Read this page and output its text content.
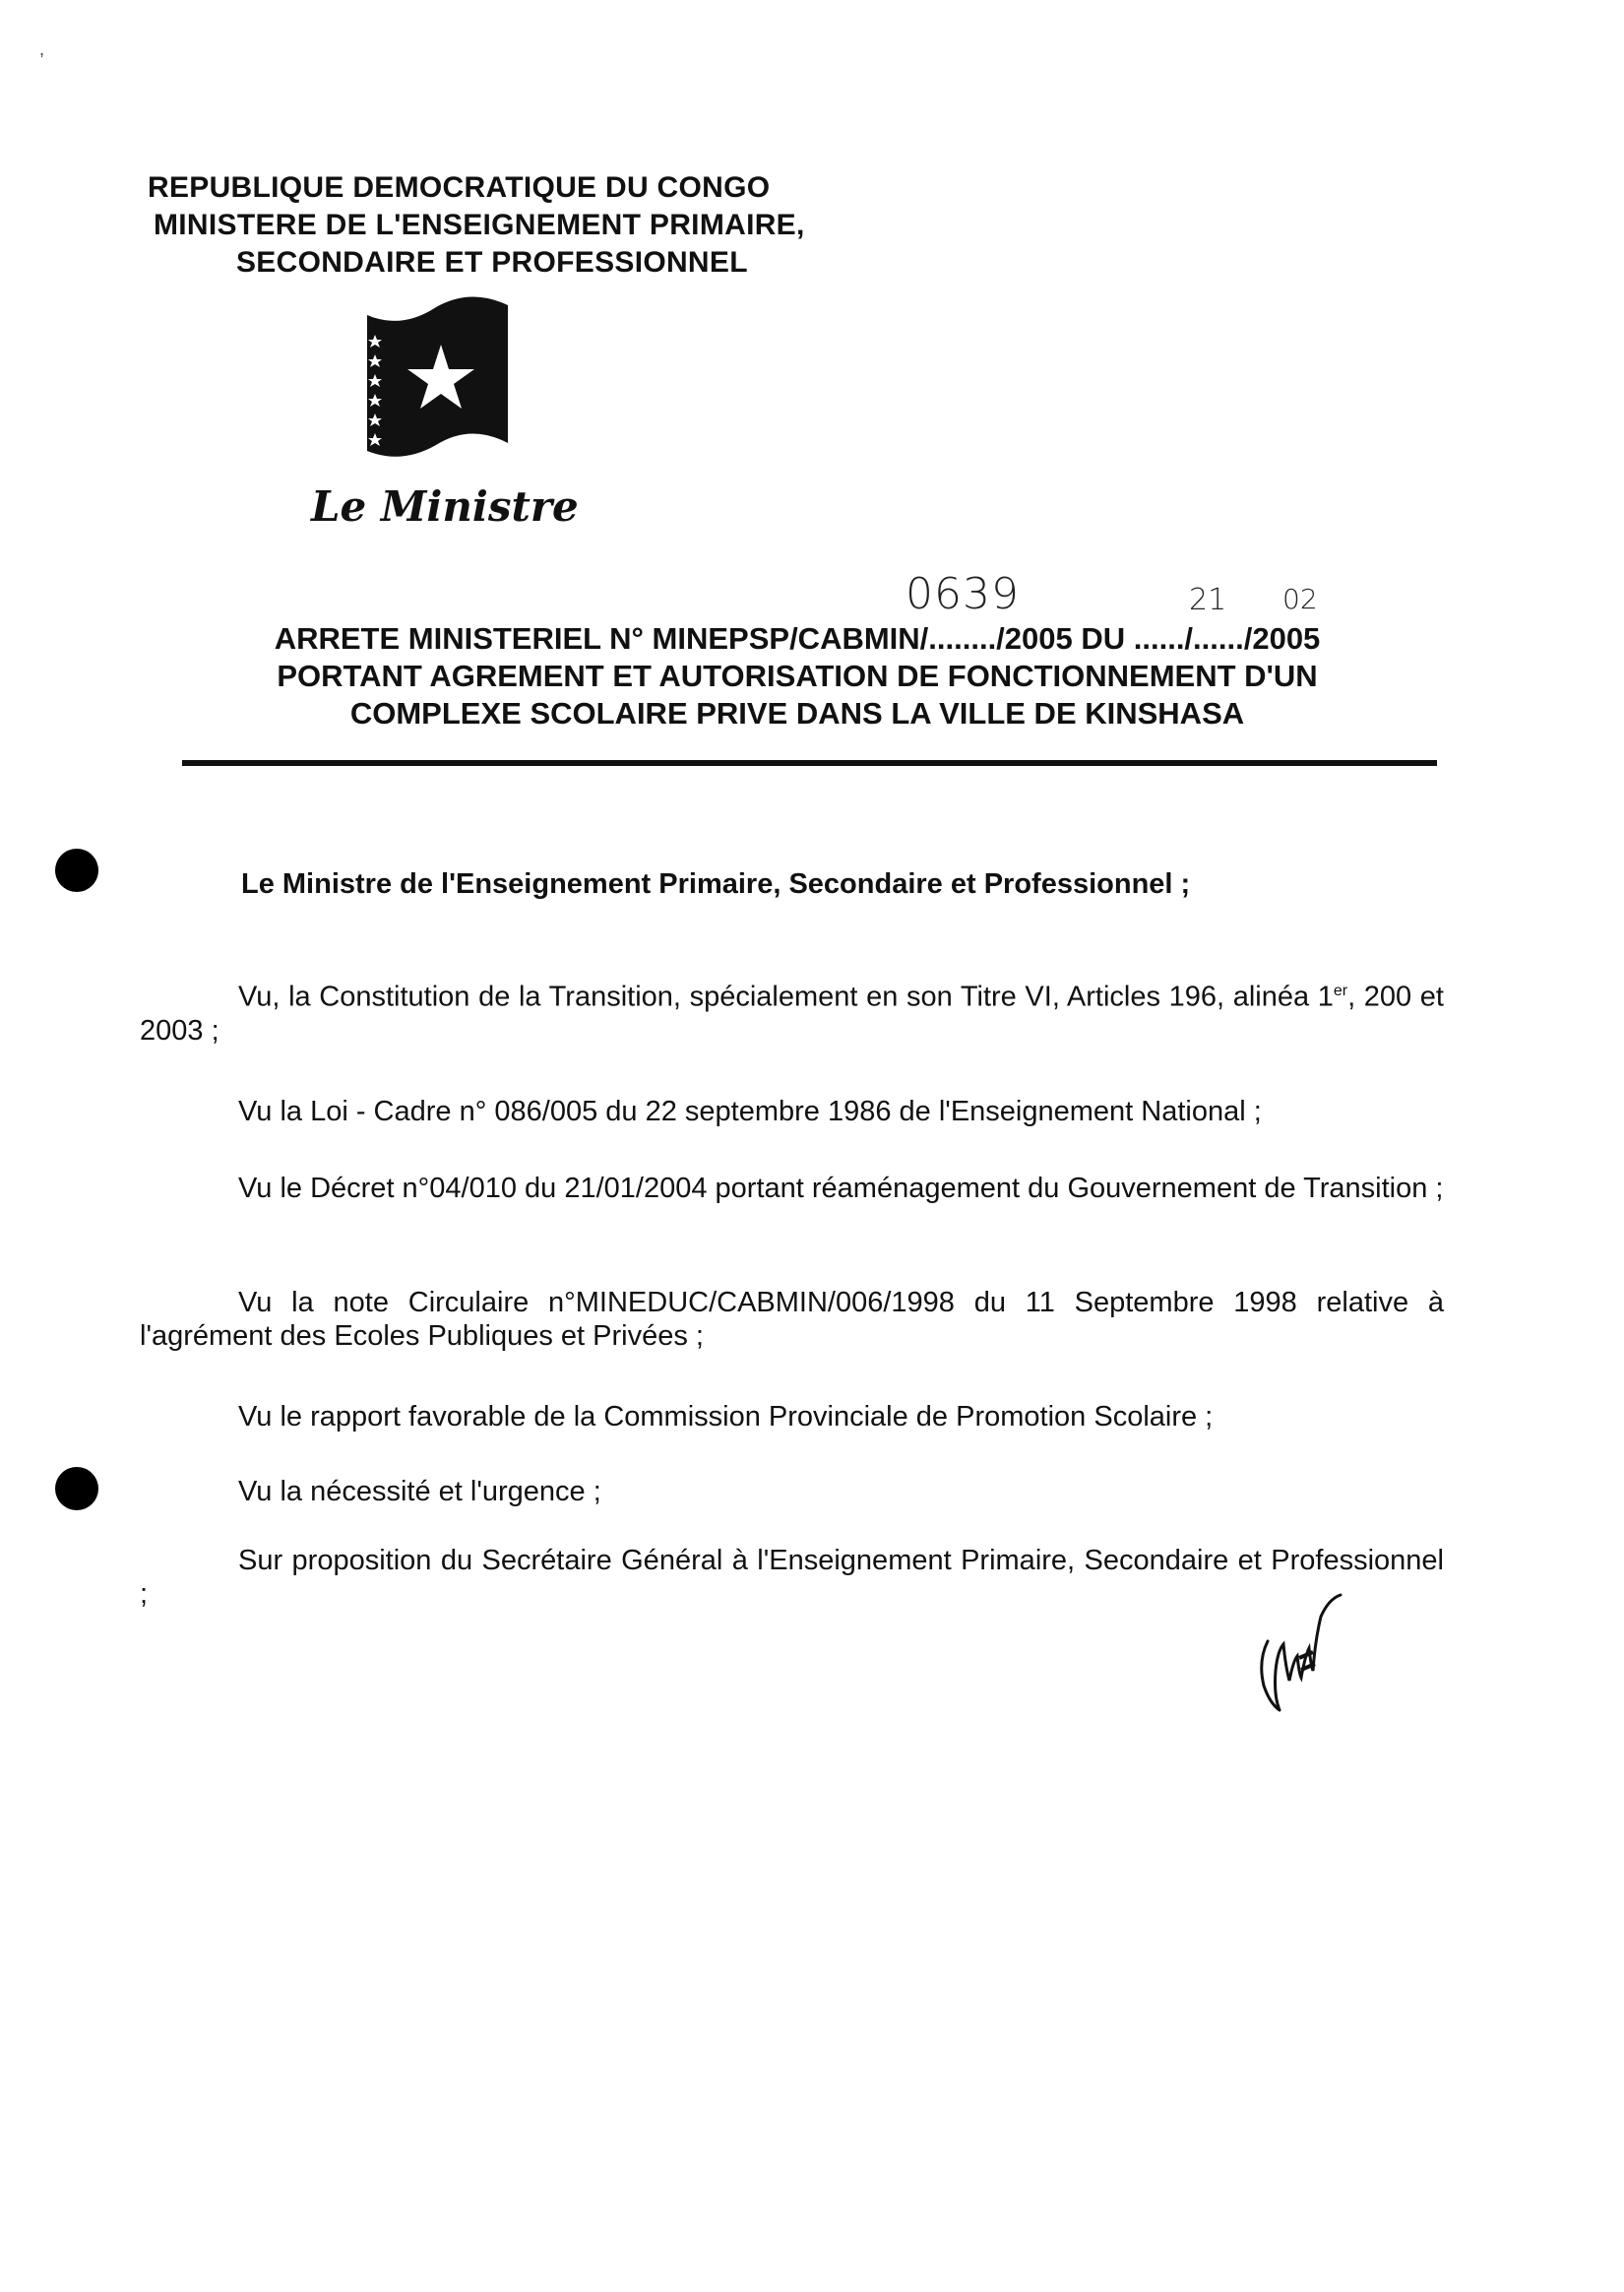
,
REPUBLIQUE DEMOCRATIQUE DU CONGO
MINISTERE DE L'ENSEIGNEMENT PRIMAIRE,
SECONDAIRE ET PROFESSIONNEL
Le Ministre
0639	21 02
ARRETE MINISTERIEL N° MINEPSP/CABMIN/......../2005 DU ....../....../2005
PORTANT AGREMENT ET AUTORISATION DE FONCTIONNEMENT D'UN
COMPLEXE SCOLAIRE PRIVE DANS LA VILLE DE KINSHASA
Le Ministre de l'Enseignement Primaire, Secondaire et Professionnel ;
Vu, la Constitution de la Transition, spécialement en son Titre VI, Articles 196, alinéa 1er, 200 et 2003 ;
Vu la Loi - Cadre n° 086/005 du 22 septembre 1986 de l'Enseignement National ;
Vu le Décret n°04/010 du 21/01/2004 portant réaménagement du Gouvernement de Transition ;
Vu la note Circulaire n°MINEDUC/CABMIN/006/1998 du 11 Septembre 1998 relative à l'agrément des Ecoles Publiques et Privées ;
Vu le rapport favorable de la Commission Provinciale de Promotion Scolaire ;
Vu la nécessité et l'urgence ;
Sur proposition du Secrétaire Général à l'Enseignement Primaire, Secondaire et Professionnel ;
